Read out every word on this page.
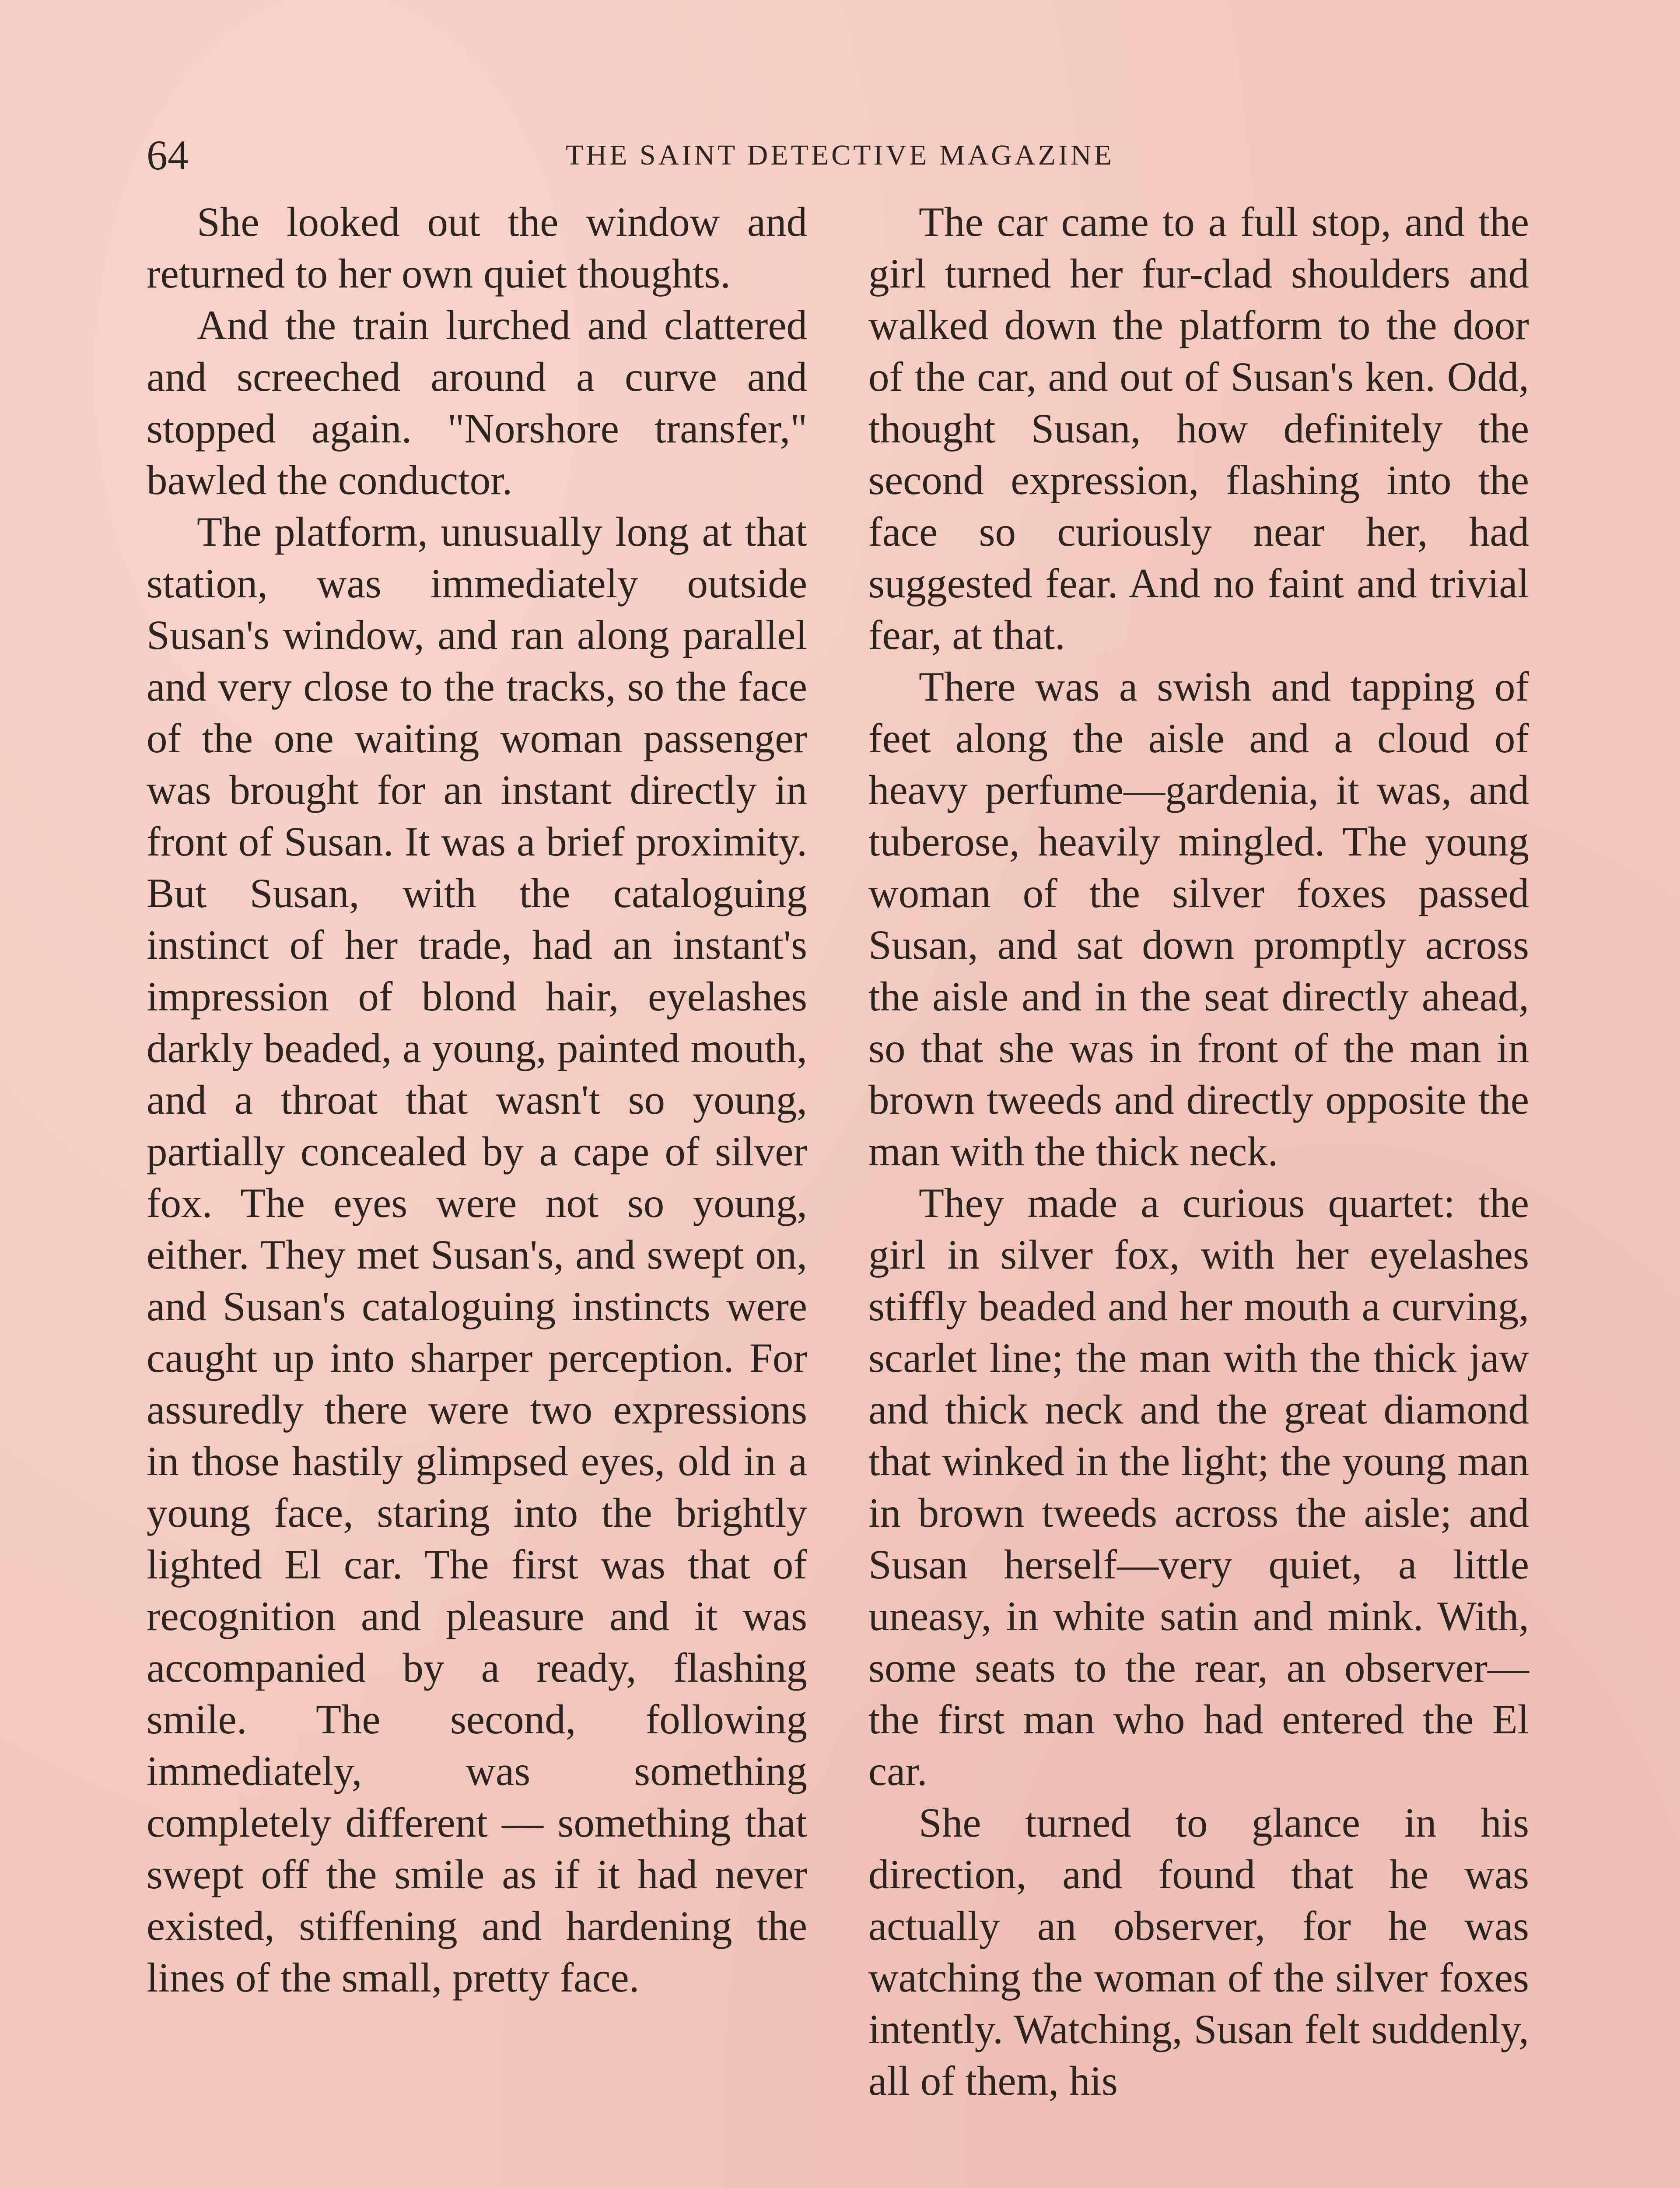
64	THE SAINT DETECTIVE MAGAZINE

She looked out the window and returned to her own quiet thoughts.

And the train lurched and clattered and screeched around a curve and stopped again. "Norshore transfer," bawled the conductor.

The platform, unusually long at that station, was immediately outside Susan's window, and ran along parallel and very close to the tracks, so the face of the one waiting woman passenger was brought for an instant directly in front of Susan. It was a brief proximity. But Susan, with the cataloguing instinct of her trade, had an instant's impression of blond hair, eyelashes darkly beaded, a young, painted mouth, and a throat that wasn't so young, partially concealed by a cape of silver fox. The eyes were not so young, either. They met Susan's, and swept on, and Susan's cataloguing instincts were caught up into sharper perception. For assuredly there were two expressions in those hastily glimpsed eyes, old in a young face, staring into the brightly lighted El car. The first was that of recognition and pleasure and it was accompanied by a ready, flashing smile. The second, following immediately, was something completely different — something that swept off the smile as if it had never existed, stiffening and hardening the lines of the small, pretty face.

The car came to a full stop, and the girl turned her fur-clad shoulders and walked down the platform to the door of the car, and out of Susan's ken. Odd, thought Susan, how definitely the second expression, flashing into the face so curiously near her, had suggested fear. And no faint and trivial fear, at that.

There was a swish and tapping of feet along the aisle and a cloud of heavy perfume—gardenia, it was, and tuberose, heavily mingled. The young woman of the silver foxes passed Susan, and sat down promptly across the aisle and in the seat directly ahead, so that she was in front of the man in brown tweeds and directly opposite the man with the thick neck.

They made a curious quartet: the girl in silver fox, with her eyelashes stiffly beaded and her mouth a curving, scarlet line; the man with the thick jaw and thick neck and the great diamond that winked in the light; the young man in brown tweeds across the aisle; and Susan herself—very quiet, a little uneasy, in white satin and mink. With, some seats to the rear, an observer—the first man who had entered the El car.

She turned to glance in his direction, and found that he was actually an observer, for he was watching the woman of the silver foxes intently. Watching, Susan felt suddenly, all of them, his
